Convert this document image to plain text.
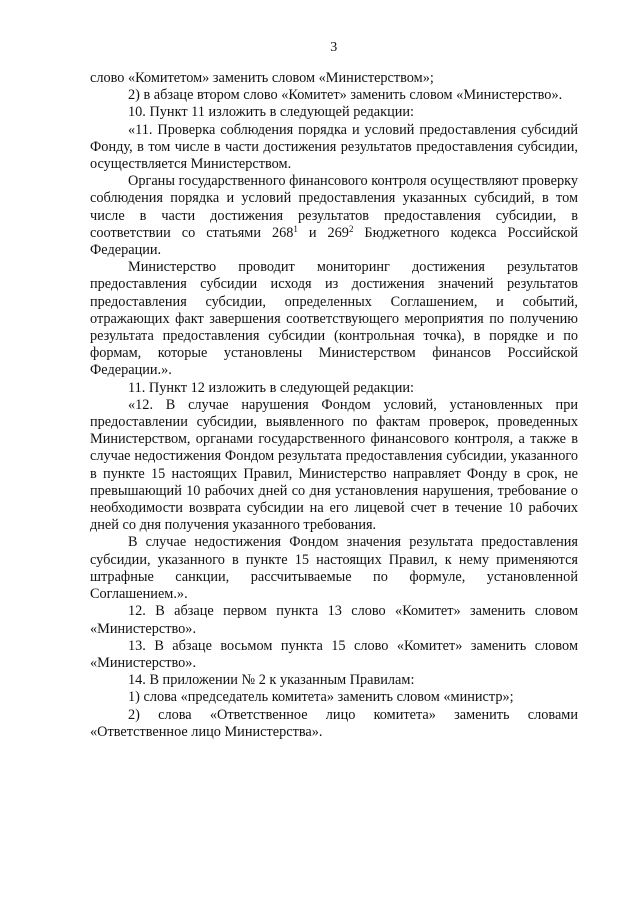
3

слово «Комитетом» заменить словом «Министерством»;

2) в абзаце втором слово «Комитет» заменить словом «Министерство».

10. Пункт 11 изложить в следующей редакции:

«11. Проверка соблюдения порядка и условий предоставления субсидий Фонду, в том числе в части достижения результатов предоставления субсидии, осуществляется Министерством.

Органы государственного финансового контроля осуществляют проверку соблюдения порядка и условий предоставления указанных субсидий, в том числе в части достижения результатов предоставления субсидии, в соответствии со статьями $268^1$ и $269^2$ Бюджетного кодекса Российской Федерации.

Министерство проводит мониторинг достижения результатов предоставления субсидии исходя из достижения значений результатов предоставления субсидии, определенных Соглашением, и событий, отражающих факт завершения соответствующего мероприятия по получению результата предоставления субсидии (контрольная точка), в порядке и по формам, которые установлены Министерством финансов Российской Федерации.».

11. Пункт 12 изложить в следующей редакции:

«12. В случае нарушения Фондом условий, установленных при предоставлении субсидии, выявленного по фактам проверок, проведенных Министерством, органами государственного финансового контроля, а также в случае недостижения Фондом результата предоставления субсидии, указанного в пункте 15 настоящих Правил, Министерство направляет Фонду в срок, не превышающий 10 рабочих дней со дня установления нарушения, требование о необходимости возврата субсидии на его лицевой счет в течение 10 рабочих дней со дня получения указанного требования.

В случае недостижения Фондом значения результата предоставления субсидии, указанного в пункте 15 настоящих Правил, к нему применяются штрафные санкции, рассчитываемые по формуле, установленной Соглашением.».

12. В абзаце первом пункта 13 слово «Комитет» заменить словом «Министерство».

13. В абзаце восьмом пункта 15 слово «Комитет» заменить словом «Министерство».

14. В приложении № 2 к указанным Правилам:

1) слова «председатель комитета» заменить словом «министр»;

2) слова «Ответственное лицо комитета» заменить словами «Ответственное лицо Министерства».
